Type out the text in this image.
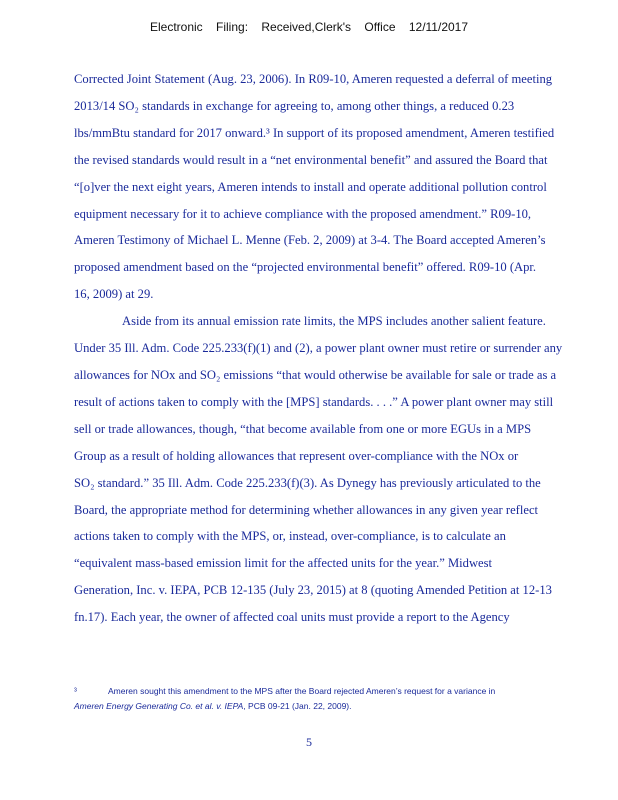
Electronic Filing: Received,Clerk's Office 12/11/2017
Corrected Joint Statement (Aug. 23, 2006). In R09-10, Ameren requested a deferral of meeting
2013/14 SO₂ standards in exchange for agreeing to, among other things, a reduced 0.23
lbs/mmBtu standard for 2017 onward.³ In support of its proposed amendment, Ameren testified
the revised standards would result in a “net environmental benefit” and assured the Board that
“[o]ver the next eight years, Ameren intends to install and operate additional pollution control
equipment necessary for it to achieve compliance with the proposed amendment.” R09-10,
Ameren Testimony of Michael L. Menne (Feb. 2, 2009) at 3-4. The Board accepted Ameren’s
proposed amendment based on the “projected environmental benefit” offered. R09-10 (Apr.
16, 2009) at 29.
Aside from its annual emission rate limits, the MPS includes another salient feature.
Under 35 Ill. Adm. Code 225.233(f)(1) and (2), a power plant owner must retire or surrender any
allowances for NOx and SO₂ emissions “that would otherwise be available for sale or trade as a
result of actions taken to comply with the [MPS] standards. . . .” A power plant owner may still
sell or trade allowances, though, “that become available from one or more EGUs in a MPS
Group as a result of holding allowances that represent over-compliance with the NOx or
SO₂ standard.” 35 Ill. Adm. Code 225.233(f)(3). As Dynegy has previously articulated to the
Board, the appropriate method for determining whether allowances in any given year reflect
actions taken to comply with the MPS, or, instead, over-compliance, is to calculate an
“equivalent mass-based emission limit for the affected units for the year.” Midwest
Generation, Inc. v. IEPA, PCB 12-135 (July 23, 2015) at 8 (quoting Amended Petition at 12-13
fn.17). Each year, the owner of affected coal units must provide a report to the Agency
³	Ameren sought this amendment to the MPS after the Board rejected Ameren’s request for a variance in
Ameren Energy Generating Co. et al. v. IEPA, PCB 09-21 (Jan. 22, 2009).
5
